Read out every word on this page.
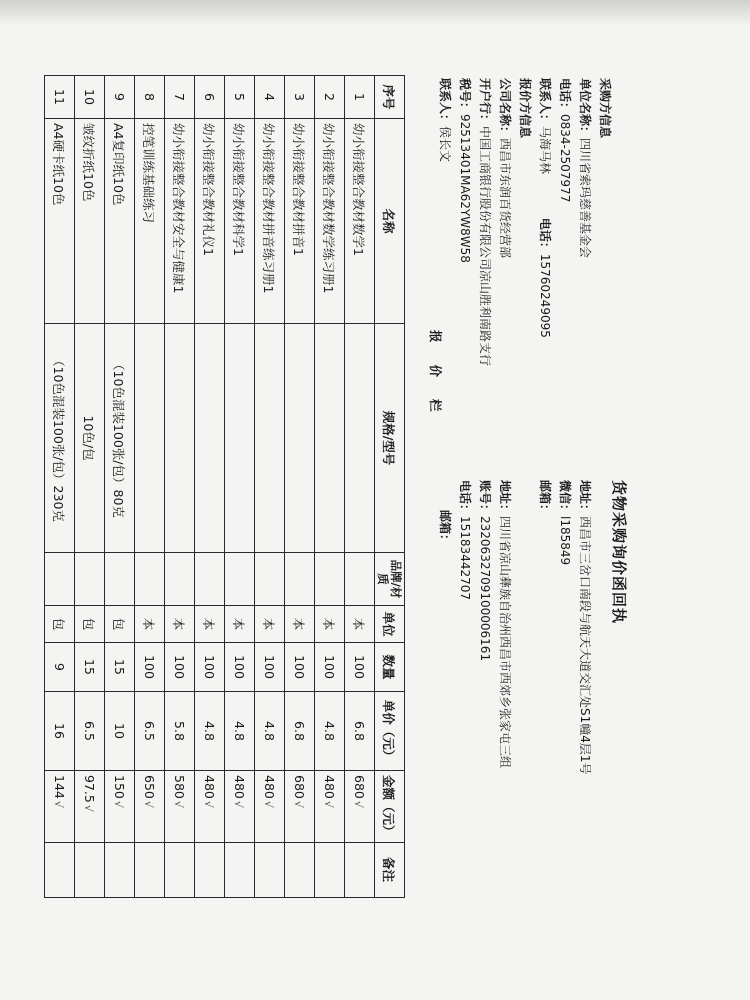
货物采购询价函回执
采购方信息
单位名称：四川省索玛慈善基金会
电话：0834-2507977
联系人：马海马林 电话：15760249095
地址：西昌市三岔口南段与航天大道交汇处S1幢4层1号
微信：l185849
邮箱：
报价方信息
公司名称：西昌市东润百货经营部
开户行：中国工商银行股份有限公司凉山胜利南路支行
税号：92513401MA62YW8W58
联系人：侯长文
地址：四川省凉山彝族自治州西昌市西郊乡张家屯三组
账号：2320632709100006161
电话：15183442707
邮箱：
序号	名称	规格/型号	品牌/材质	单位	数量	单价（元）	金额（元）	备注
1	幼小衔接整合教材数学1			本	100	6.8	680√	
2	幼小衔接整合教材数学练习册1			本	100	4.8	480√	
3	幼小衔接整合教材拼音1			本	100	6.8	680√	
4	幼小衔接整合教材拼音练习册1			本	100	4.8	480√	
5	幼小衔接整合教材科学1			本	100	4.8	480√	
6	幼小衔接整合教材礼仪1			本	100	4.8	480√	
7	幼小衔接整合教材安全与健康1			本	100	5.8	580√	
8	控笔训练基础练习			本	100	6.5	650√	
9	A4复印纸10色	（10色混装100张/包）80克		包	15	10	150√	
10	皱纹折纸10色	10色/包		包	15	6.5	97.5√	
11	A4硬卡纸10色	（10色混装100张/包）230克		包	9	16	144√	
报价栏
